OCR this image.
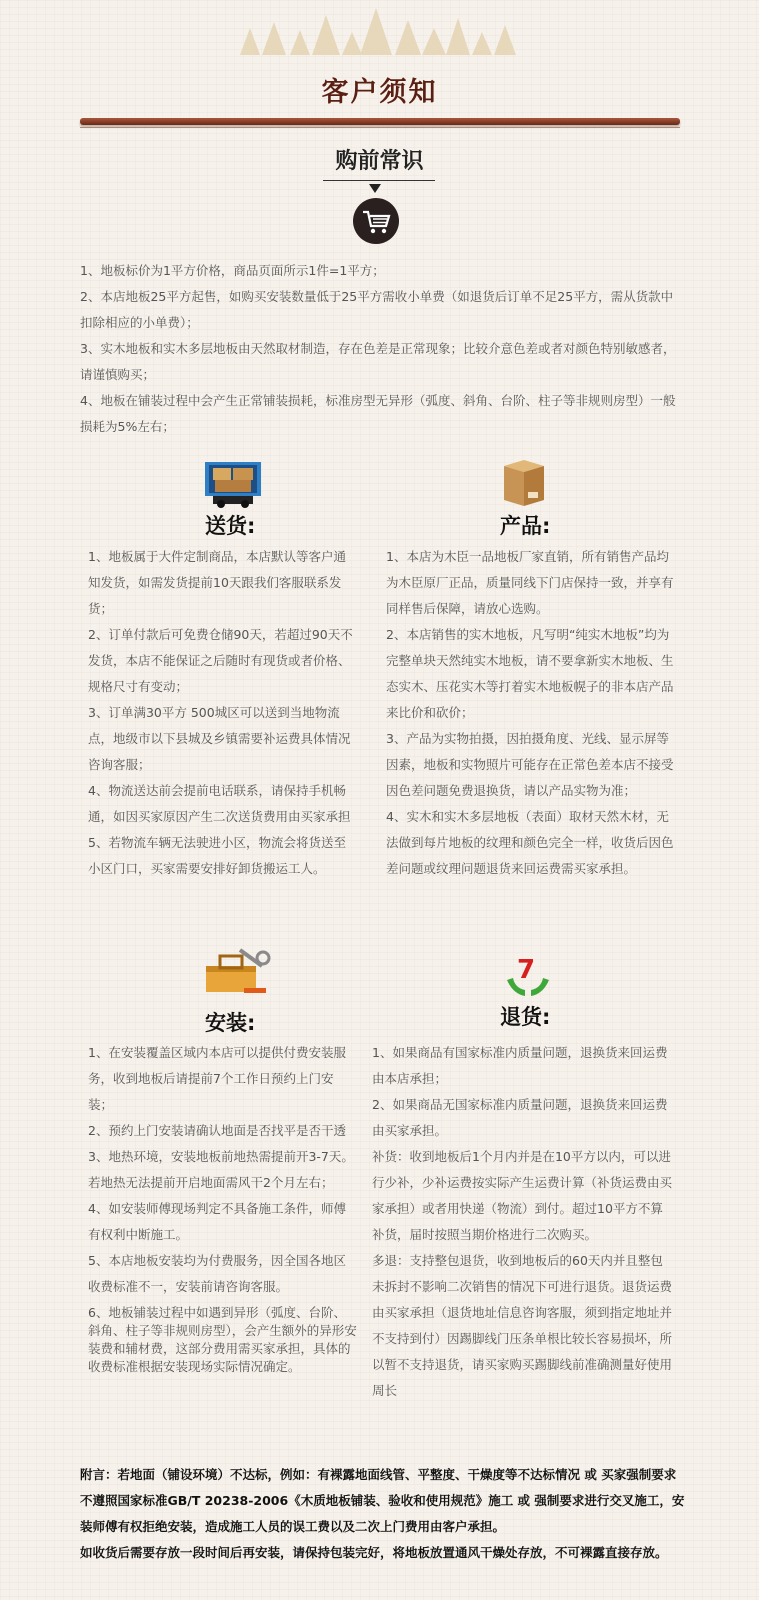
客户须知
购前常识

1、地板标价为1平方价格，商品页面所示1件=1平方；

2、本店地板25平方起售，如购买安装数量低于25平方需收小单费（如退货后订单不足25平方，需从货款中扣除相应的小单费）；

3、实木地板和实木多层地板由天然取材制造，存在色差是正常现象；比较介意色差或者对颜色特别敏感者，请谨慎购买；

4、地板在铺装过程中会产生正常铺装损耗，标准房型无异形（弧度、斜角、台阶、柱子等非规则房型）一般损耗为5%左右；

送货:	产品:

1、地板属于大件定制商品，本店默认等客户通知发货，如需发货提前10天跟我们客服联系发货；

2、订单付款后可免费仓储90天，若超过90天不发货，本店不能保证之后随时有现货或者价格、规格尺寸有变动；

3、订单满30平方 500城区可以送到当地物流点，地级市以下县城及乡镇需要补运费具体情况咨询客服；

4、物流送达前会提前电话联系，请保持手机畅通，如因买家原因产生二次送货费用由买家承担

5、若物流车辆无法驶进小区，物流会将货送至小区门口，买家需要安排好卸货搬运工人。

1、本店为木臣一品地板厂家直销，所有销售产品均为木臣原厂正品，质量同线下门店保持一致，并享有同样售后保障，请放心选购。

2、本店销售的实木地板，凡写明“纯实木地板”均为完整单块天然纯实木地板，请不要拿新实木地板、生态实木、压花实木等打着实木地板幌子的非本店产品来比价和砍价；

3、产品为实物拍摄，因拍摄角度、光线、显示屏等因素，地板和实物照片可能存在正常色差本店不接受因色差问题免费退换货，请以产品实物为准；

4、实木和实木多层地板（表面）取材天然木材，无法做到每片地板的纹理和颜色完全一样，收货后因色差问题或纹理问题退货来回运费需买家承担。

安装:
7
退货:

1、在安装覆盖区域内本店可以提供付费安装服务，收到地板后请提前7个工作日预约上门安装；

2、预约上门安装请确认地面是否找平是否干透

3、地热环境，安装地板前地热需提前开3-7天。若地热无法提前开启地面需风干2个月左右；

4、如安装师傅现场判定不具备施工条件，师傅有权利中断施工。

5、本店地板安装均为付费服务，因全国各地区收费标准不一，安装前请咨询客服。

6、地板铺装过程中如遇到异形（弧度、台阶、斜角、柱子等非规则房型），会产生额外的异形安装费和辅材费，这部分费用需买家承担，具体的收费标准根据安装现场实际情况确定。

1、如果商品有国家标准内质量问题，退换货来回运费由本店承担；

2、如果商品无国家标准内质量问题，退换货来回运费由买家承担。

补货：收到地板后1个月内并是在10平方以内，可以进行少补，少补运费按实际产生运费计算（补货运费由买家承担）或者用快递（物流）到付。超过10平方不算补货，届时按照当期价格进行二次购买。

多退：支持整包退货，收到地板后的60天内并且整包未拆封不影响二次销售的情况下可进行退货。退货运费由买家承担（退货地址信息咨询客服，须到指定地址并不支持到付）因踢脚线门压条单根比较长容易损坏，所以暂不支持退货，请买家购买踢脚线前准确测量好使用周长

附言：若地面（铺设环境）不达标，例如：有裸露地面线管、平整度、干燥度等不达标情况 或 买家强制要求不遵照国家标准GB/T 20238-2006《木质地板铺装、验收和使用规范》施工 或 强制要求进行交叉施工，安装师傅有权拒绝安装，造成施工人员的误工费以及二次上门费用由客户承担。

如收货后需要存放一段时间后再安装，请保持包装完好，将地板放置通风干燥处存放，不可裸露直接存放。
